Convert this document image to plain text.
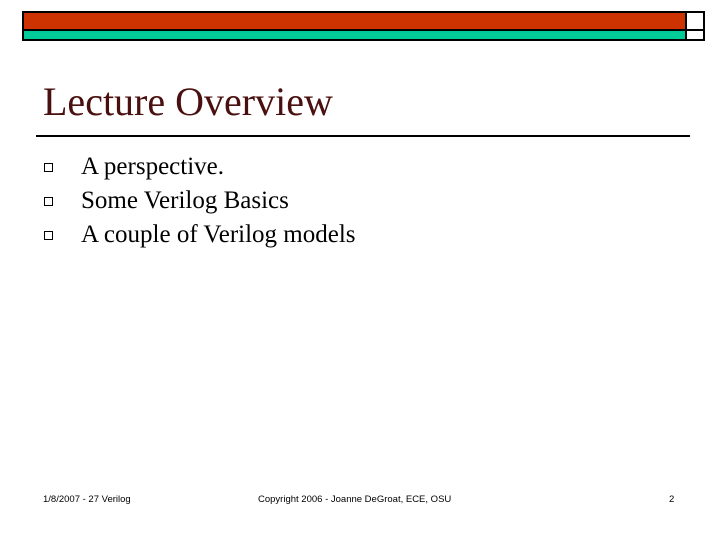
Lecture Overview
A perspective.
Some Verilog Basics
A couple of Verilog models
1/8/2007 - 27 Verilog	Copyright 2006 - Joanne DeGroat, ECE, OSU	2
